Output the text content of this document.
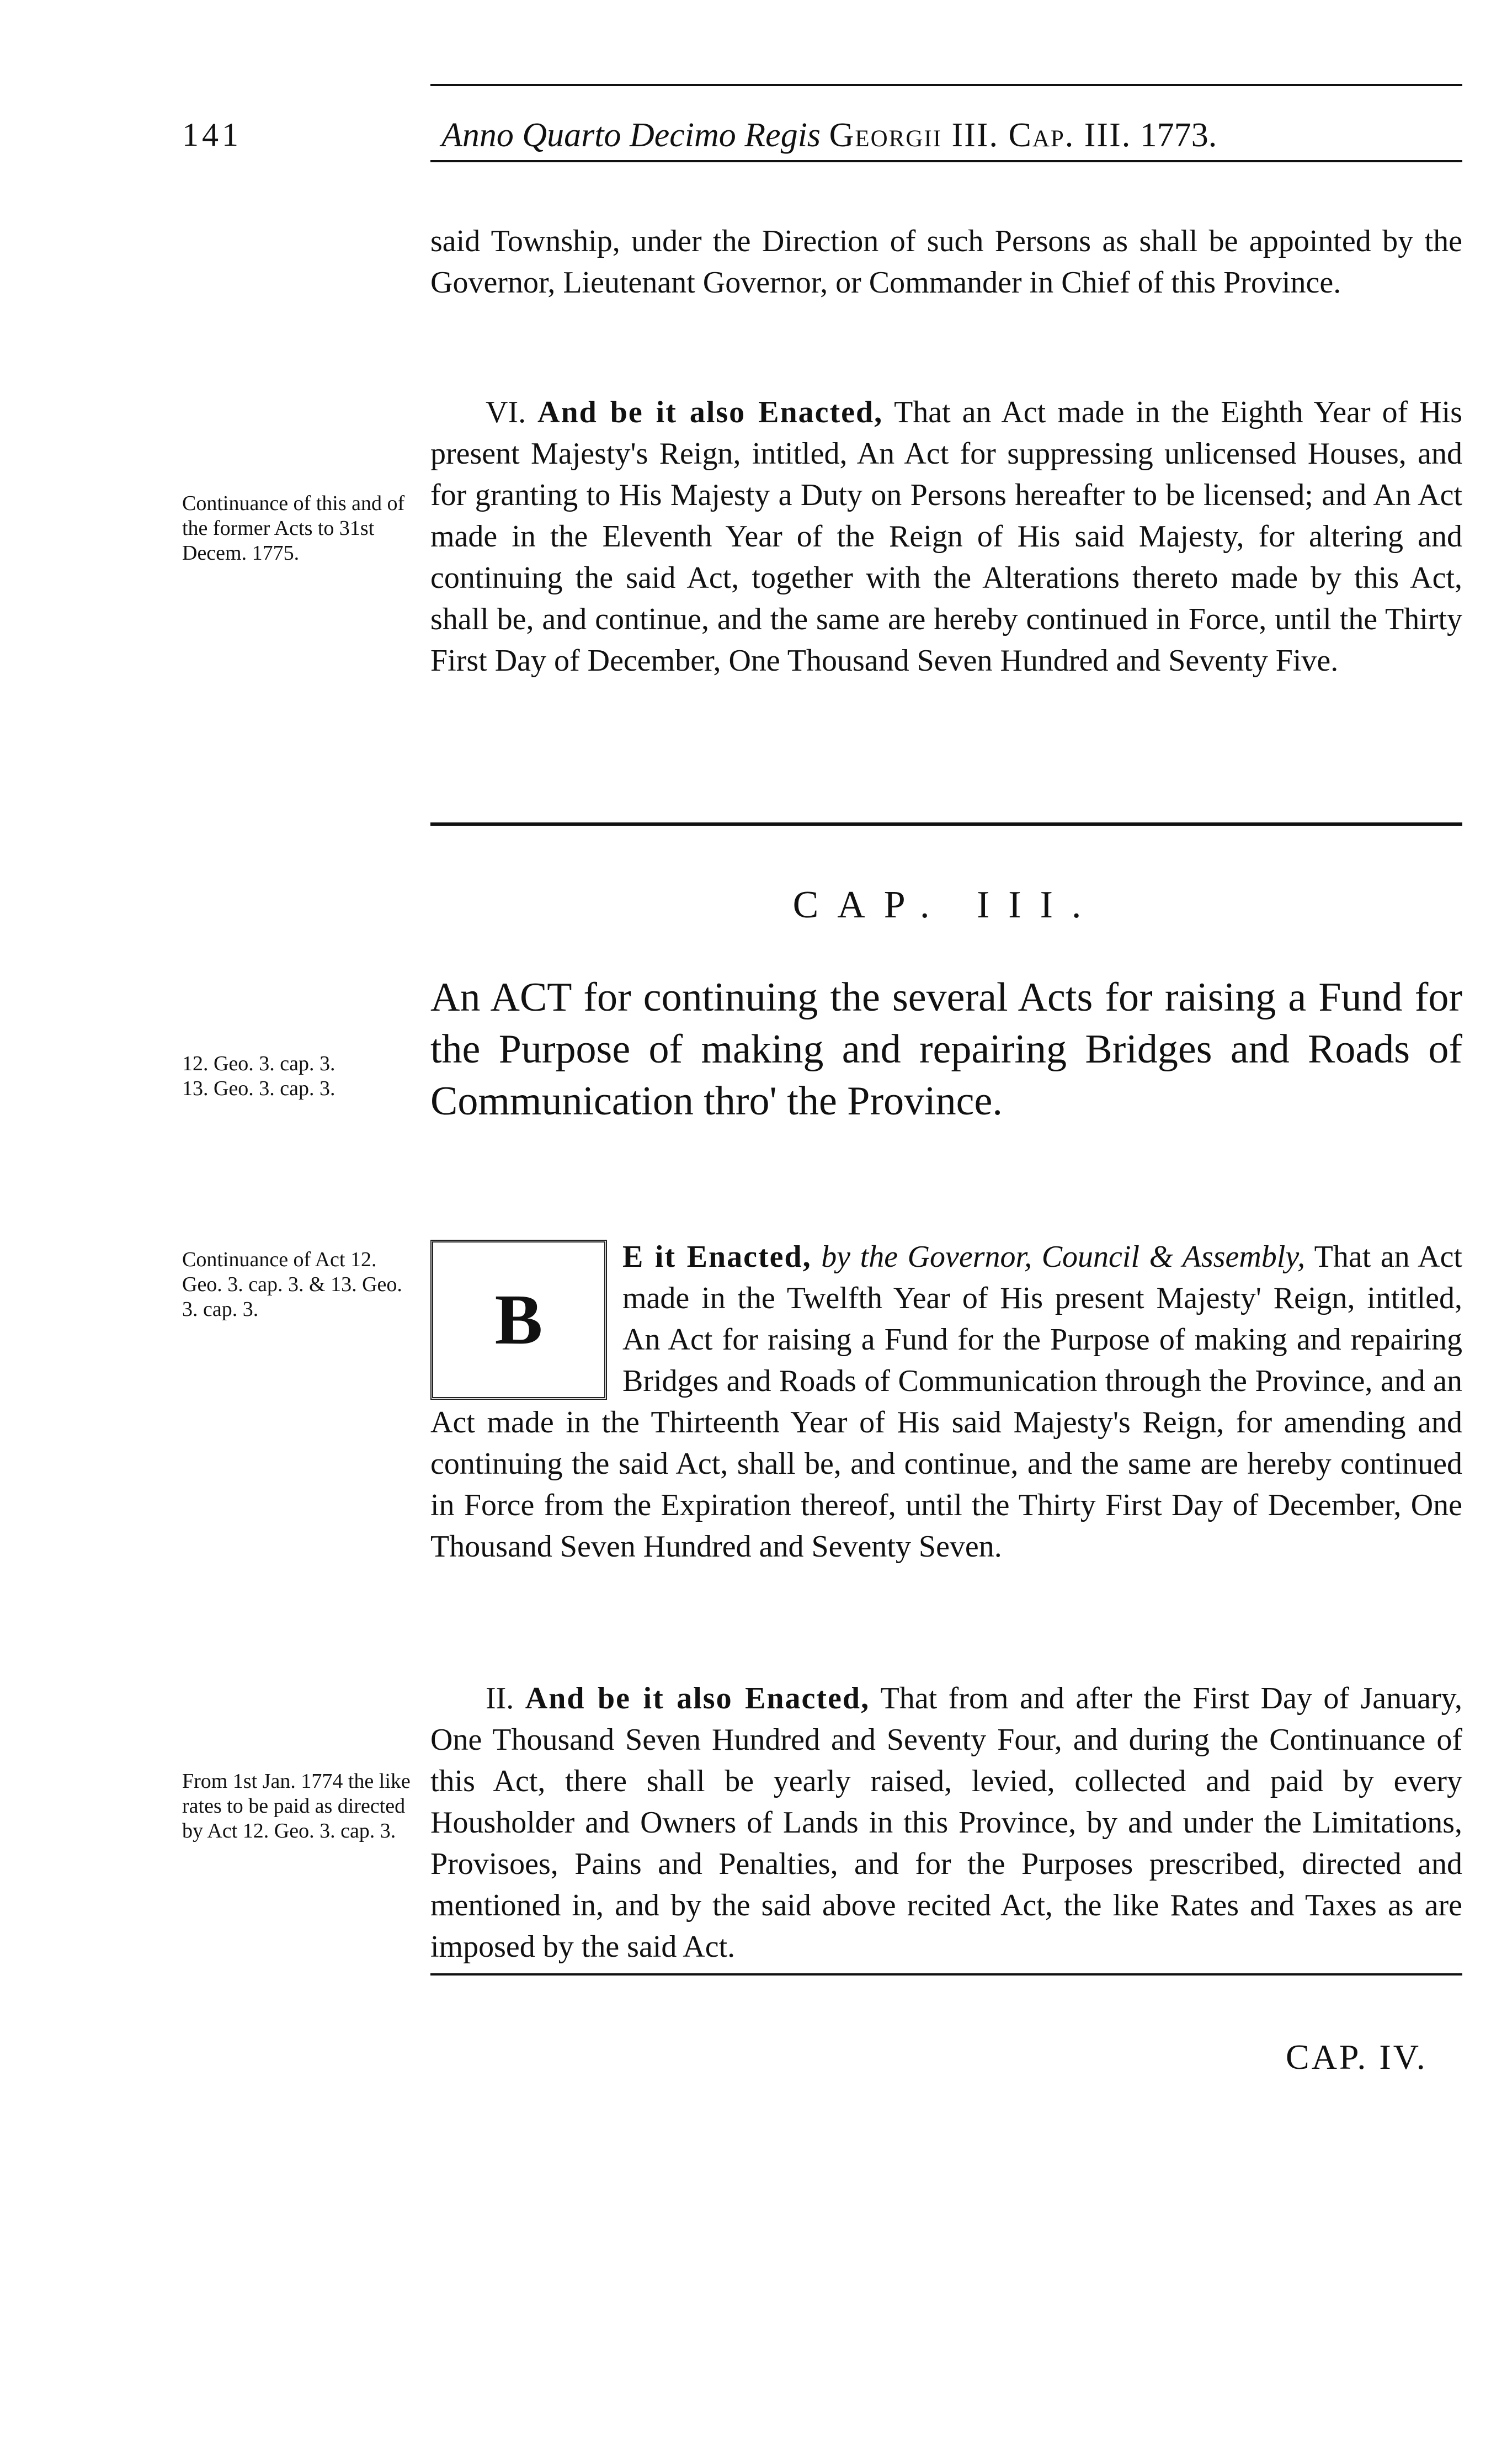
141	Anno Quarto Decimo Regis Georgii III. Cap. III. 1773.

said Township, under the Direction of such Persons as shall be appointed by the Governor, Lieutenant Governor, or Commander in Chief of this Province.

VI. And be it also Enacted, That an Act made in the Eighth Year of His present Majesty's Reign, intitled, An Act for suppressing unlicensed Houses, and for granting to His Majesty a Duty on Persons hereafter to be licensed; and An Act made in the Eleventh Year of the Reign of His said Majesty, for altering and continuing the said Act, together with the Alterations thereto made by this Act, shall be, and continue, and the same are hereby continued in Force, until the Thirty First Day of December, One Thousand Seven Hundred and Seventy Five.

Continuance of this and of the former Acts to 31st Decem. 1775.
CAP. III.

An ACT for continuing the several Acts for raising a Fund for the Purpose of making and repairing Bridges and Roads of Communication thro' the Province.

12. Geo. 3. cap. 3.
13. Geo. 3. cap. 3.
B

E it Enacted, by the Governor, Council & Assembly, That an Act made in the Twelfth Year of His present Majesty' Reign, intitled, An Act for raising a Fund for the Purpose of making and repairing Bridges and Roads of Communication through the Province, and an Act made in the Thirteenth Year of His said Majesty's Reign, for amending and continuing the said Act, shall be, and continue, and the same are hereby continued in Force from the Expiration thereof, until the Thirty First Day of December, One Thousand Seven Hundred and Seventy Seven.

Continuance of Act 12. Geo. 3. cap. 3. & 13. Geo. 3. cap. 3.

II. And be it also Enacted, That from and after the First Day of January, One Thousand Seven Hundred and Seventy Four, and during the Continuance of this Act, there shall be yearly raised, levied, collected and paid by every Housholder and Owners of Lands in this Province, by and under the Limitations, Provisoes, Pains and Penalties, and for the Purposes prescribed, directed and mentioned in, and by the said above recited Act, the like Rates and Taxes as are imposed by the said Act.

From 1st Jan. 1774 the like rates to be paid as directed by Act 12. Geo. 3. cap. 3.
CAP. IV.
